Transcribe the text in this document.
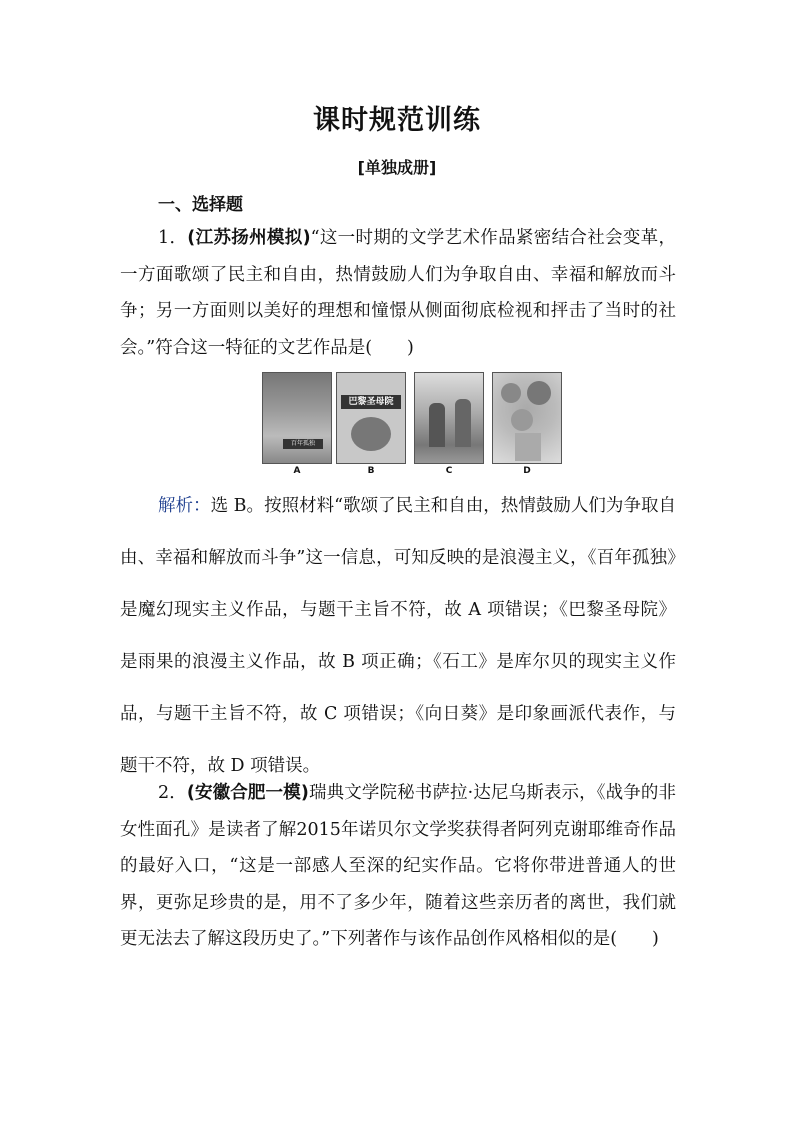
课时规范训练
[单独成册]
一、选择题

1．(江苏扬州模拟)“这一时期的文学艺术作品紧密结合社会变革，一方面歌颂了民主和自由，热情鼓励人们为争取自由、幸福和解放而斗争；另一方面则以美好的理想和憧憬从侧面彻底检视和抨击了当时的社会。”符合这一特征的文艺作品是(　　)

百年孤独
A
巴黎圣母院
B	C	D

解析：选 B。按照材料“歌颂了民主和自由，热情鼓励人们为争取自由、幸福和解放而斗争”这一信息，可知反映的是浪漫主义，《百年孤独》是魔幻现实主义作品，与题干主旨不符，故 A 项错误；《巴黎圣母院》是雨果的浪漫主义作品，故 B 项正确；《石工》是库尔贝的现实主义作品，与题干主旨不符，故 C 项错误；《向日葵》是印象画派代表作，与题干不符，故 D 项错误。

2．(安徽合肥一模)瑞典文学院秘书萨拉·达尼乌斯表示，《战争的非女性面孔》是读者了解2015年诺贝尔文学奖获得者阿列克谢耶维奇作品的最好入口，“这是一部感人至深的纪实作品。它将你带进普通人的世界，更弥足珍贵的是，用不了多少年，随着这些亲历者的离世，我们就更无法去了解这段历史了。”下列著作与该作品创作风格相似的是(　　)
